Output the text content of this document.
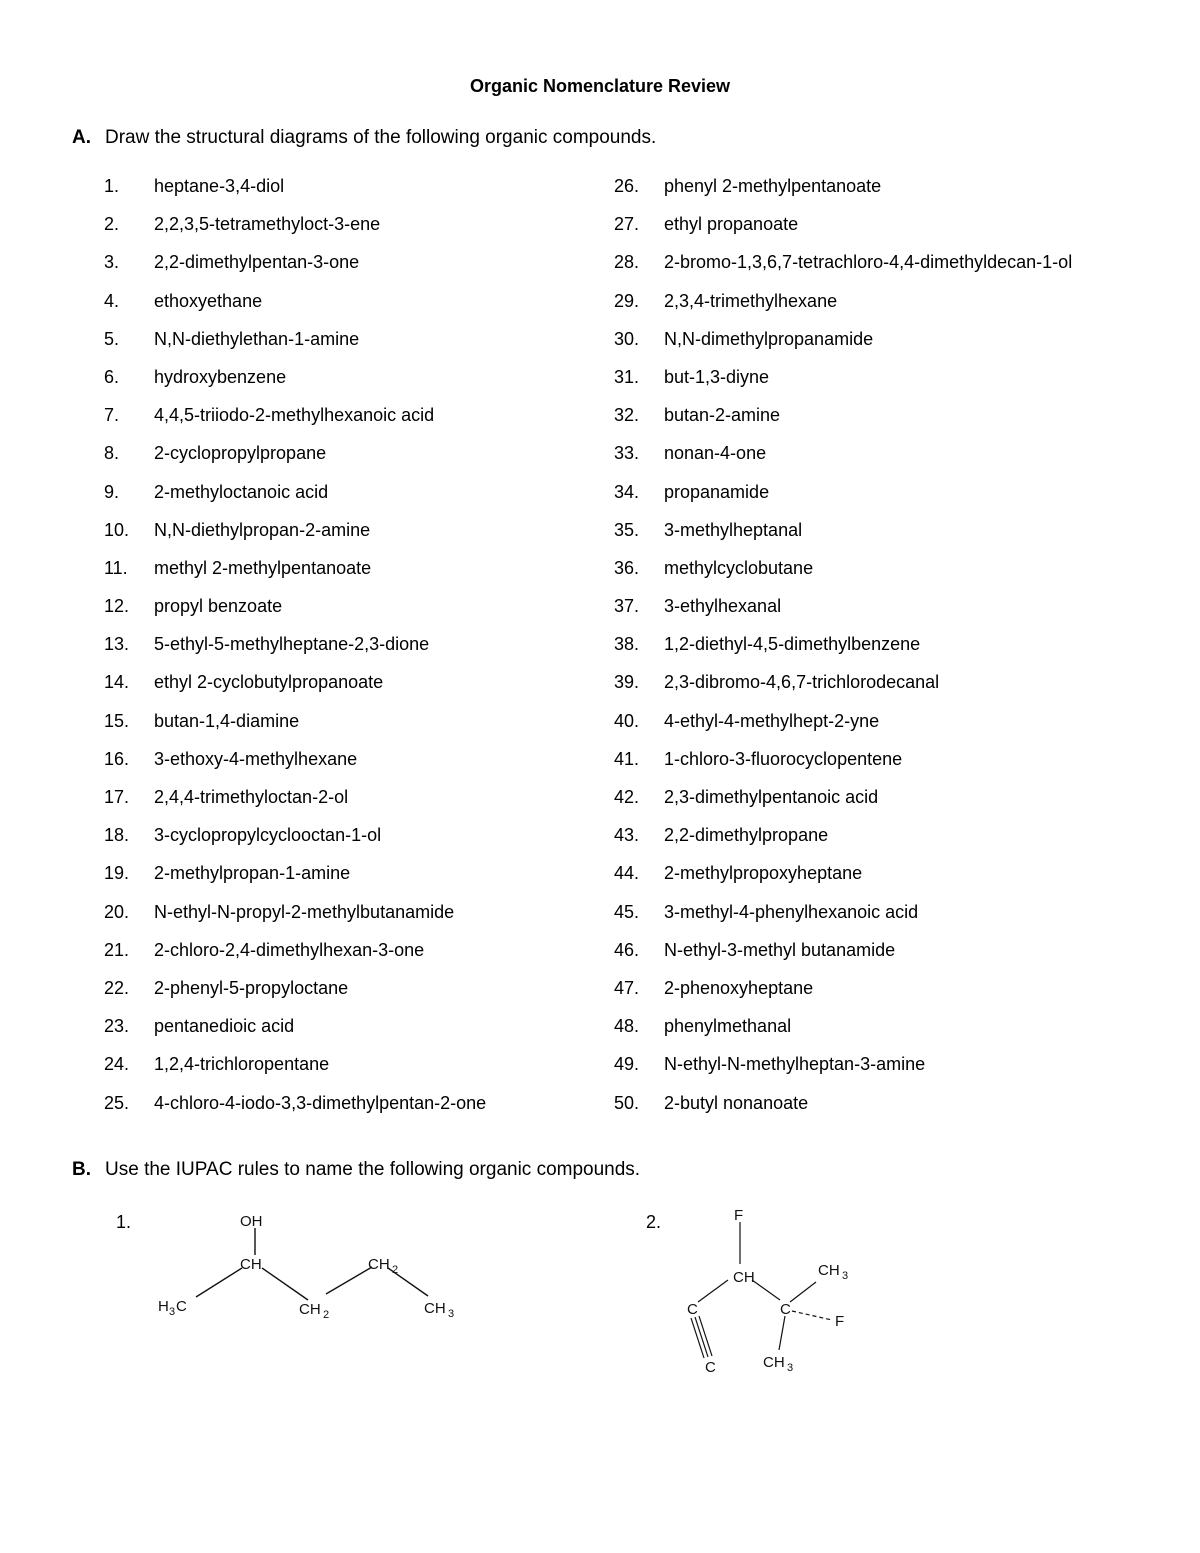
Organic Nomenclature Review
A. Draw the structural diagrams of the following organic compounds.
1. heptane-3,4-diol
2. 2,2,3,5-tetramethyloct-3-ene
3. 2,2-dimethylpentan-3-one
4. ethoxyethane
5. N,N-diethylethan-1-amine
6. hydroxybenzene
7. 4,4,5-triiodo-2-methylhexanoic acid
8. 2-cyclopropylpropane
9. 2-methyloctanoic acid
10. N,N-diethylpropan-2-amine
11. methyl 2-methylpentanoate
12. propyl benzoate
13. 5-ethyl-5-methylheptane-2,3-dione
14. ethyl 2-cyclobutylpropanoate
15. butan-1,4-diamine
16. 3-ethoxy-4-methylhexane
17. 2,4,4-trimethyloctan-2-ol
18. 3-cyclopropylcyclooctan-1-ol
19. 2-methylpropan-1-amine
20. N-ethyl-N-propyl-2-methylbutanamide
21. 2-chloro-2,4-dimethylhexan-3-one
22. 2-phenyl-5-propyloctane
23. pentanedioic acid
24. 1,2,4-trichloropentane
25. 4-chloro-4-iodo-3,3-dimethylpentan-2-one
26. phenyl 2-methylpentanoate
27. ethyl propanoate
28. 2-bromo-1,3,6,7-tetrachloro-4,4-dimethyldecan-1-ol
29. 2,3,4-trimethylhexane
30. N,N-dimethylpropanamide
31. but-1,3-diyne
32. butan-2-amine
33. nonan-4-one
34. propanamide
35. 3-methylheptanal
36. methylcyclobutane
37. 3-ethylhexanal
38. 1,2-diethyl-4,5-dimethylbenzene
39. 2,3-dibromo-4,6,7-trichlorodecanal
40. 4-ethyl-4-methylhept-2-yne
41. 1-chloro-3-fluorocyclopentene
42. 2,3-dimethylpentanoic acid
43. 2,2-dimethylpropane
44. 2-methylpropoxyheptane
45. 3-methyl-4-phenylhexanoic acid
46. N-ethyl-3-methyl butanamide
47. 2-phenoxyheptane
48. phenylmethanal
49. N-ethyl-N-methylheptan-3-amine
50. 2-butyl nonanoate
B. Use the IUPAC rules to name the following organic compounds.
1.	OH
CH	CH 2
H 3 C	CH 2	CH 3
2.	F
CH	CH 3
C
F
C
C	CH 3
